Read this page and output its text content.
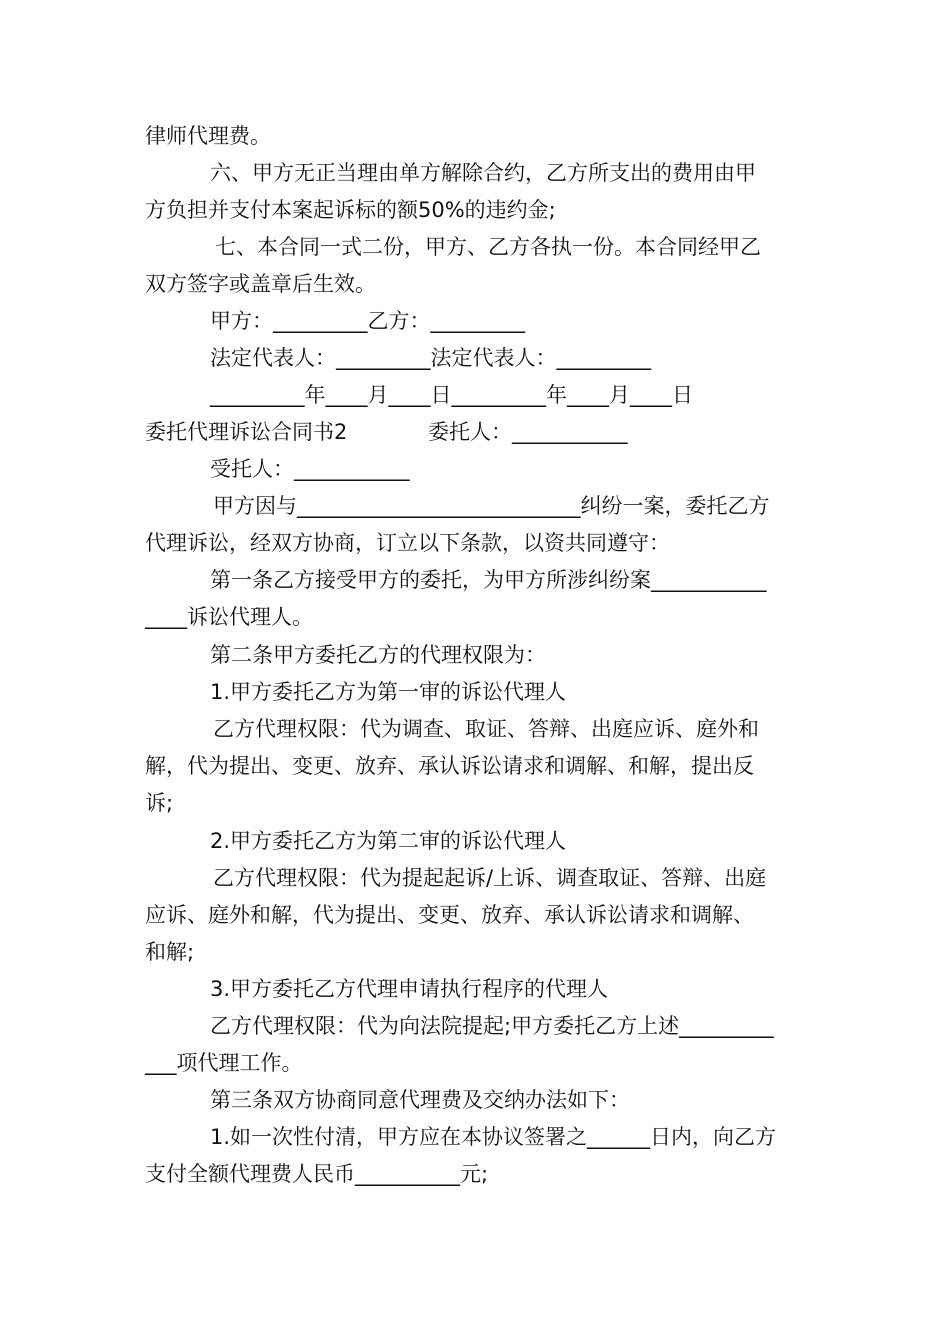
律师代理费。
六、甲方无正当理由单方解除合约，乙方所支出的费用由甲
方负担并支付本案起诉标的额50%的违约金;
七、本合同一式二份，甲方、乙方各执一份。本合同经甲乙
双方签字或盖章后生效。
甲方：_________乙方：_________
法定代表人：_________法定代表人：_________
_________年____月____日_________年____月____日
委托代理诉讼合同书2	委托人：___________
受托人：___________
甲方因与___________________________纠纷一案，委托乙方
代理诉讼，经双方协商，订立以下条款，以资共同遵守：
第一条乙方接受甲方的委托，为甲方所涉纠纷案___________
____诉讼代理人。
第二条甲方委托乙方的代理权限为：
1.甲方委托乙方为第一审的诉讼代理人
乙方代理权限：代为调查、取证、答辩、出庭应诉、庭外和
解，代为提出、变更、放弃、承认诉讼请求和调解、和解，提出反
诉;
2.甲方委托乙方为第二审的诉讼代理人
乙方代理权限：代为提起起诉/上诉、调查取证、答辩、出庭
应诉、庭外和解，代为提出、变更、放弃、承认诉讼请求和调解、
和解;
3.甲方委托乙方代理申请执行程序的代理人
乙方代理权限：代为向法院提起;甲方委托乙方上述_________
___项代理工作。
第三条双方协商同意代理费及交纳办法如下：
1.如一次性付清，甲方应在本协议签署之______日内，向乙方
支付全额代理费人民币__________元;
